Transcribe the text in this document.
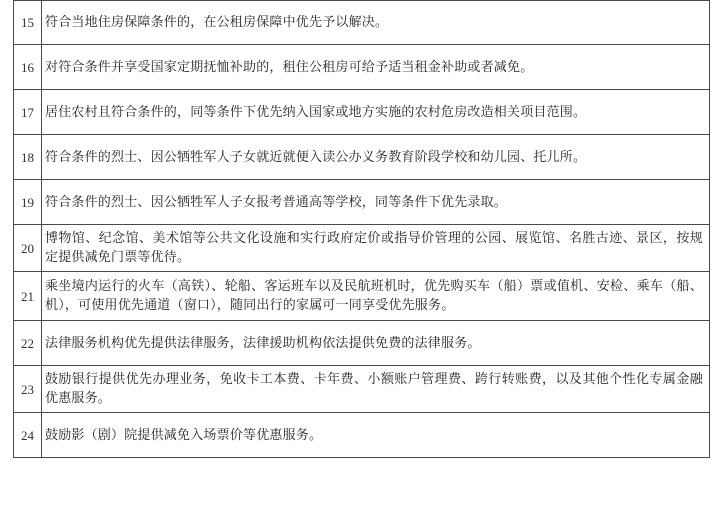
15	符合当地住房保障条件的，在公租房保障中优先予以解决。
16	对符合条件并享受国家定期抚恤补助的，租住公租房可给予适当租金补助或者减免。
17	居住农村且符合条件的，同等条件下优先纳入国家或地方实施的农村危房改造相关项目范围。
18	符合条件的烈士、因公牺牲军人子女就近就便入读公办义务教育阶段学校和幼儿园、托儿所。
19	符合条件的烈士、因公牺牲军人子女报考普通高等学校，同等条件下优先录取。
20	博物馆、纪念馆、美术馆等公共文化设施和实行政府定价或指导价管理的公园、展览馆、名胜古迹、景区，按规定提供减免门票等优待。
21	乘坐境内运行的火车（高铁）、轮船、客运班车以及民航班机时，优先购买车（船）票或值机、安检、乘车（船、机），可使用优先通道（窗口），随同出行的家属可一同享受优先服务。
22	法律服务机构优先提供法律服务，法律援助机构依法提供免费的法律服务。
23	鼓励银行提供优先办理业务，免收卡工本费、卡年费、小额账户管理费、跨行转账费，以及其他个性化专属金融优惠服务。
24	鼓励影（剧）院提供减免入场票价等优惠服务。
